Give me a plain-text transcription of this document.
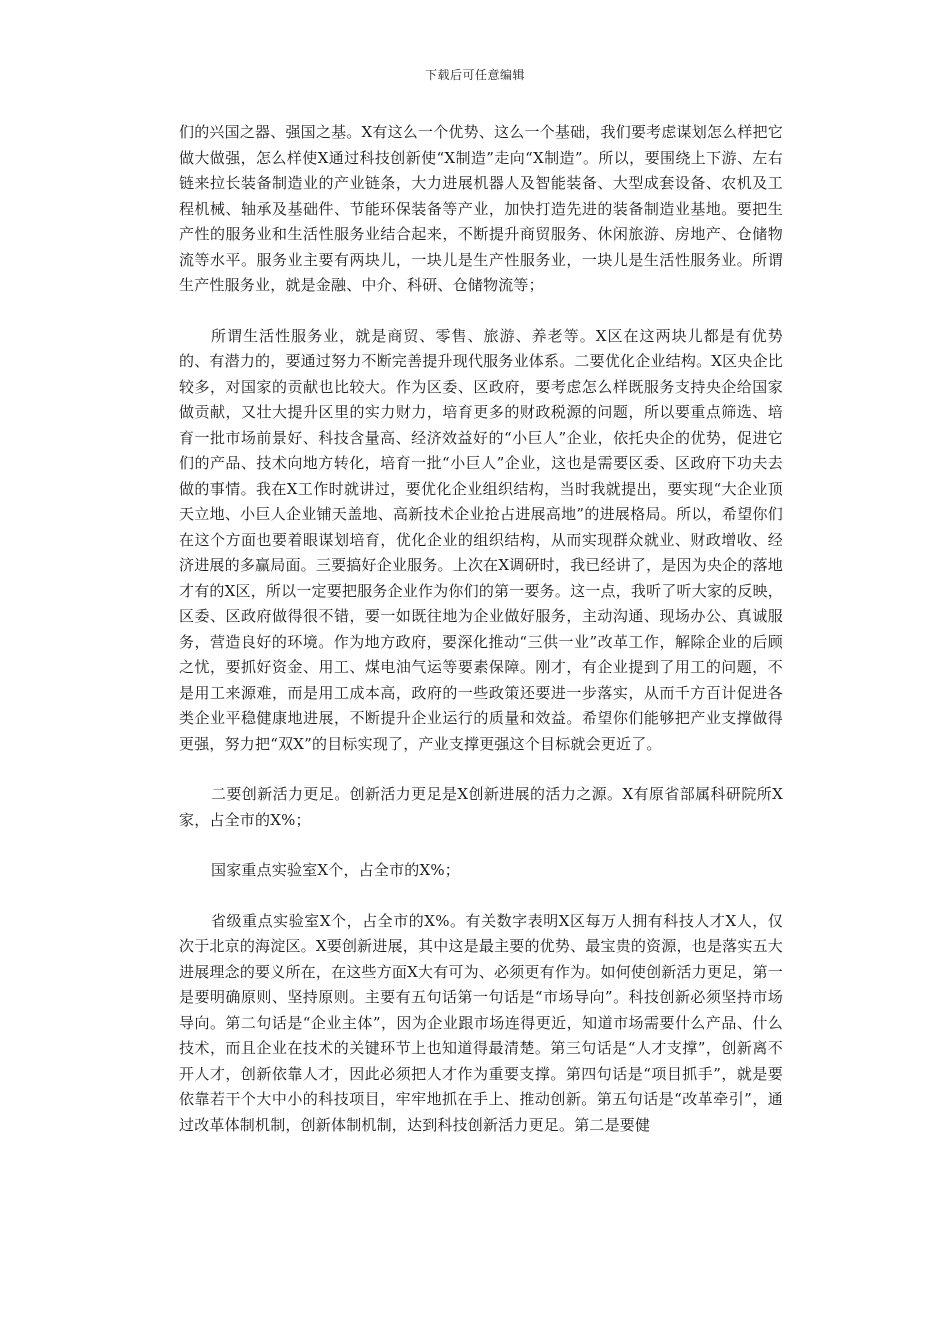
下载后可任意编辑

们的兴国之器、强国之基。X有这么一个优势、这么一个基础，我们要考虑谋划怎么样把它做大做强，怎么样使X通过科技创新使“X制造”走向“X制造”。所以，要围绕上下游、左右链来拉长装备制造业的产业链条，大力进展机器人及智能装备、大型成套设备、农机及工程机械、轴承及基础件、节能环保装备等产业，加快打造先进的装备制造业基地。要把生产性的服务业和生活性服务业结合起来，不断提升商贸服务、休闲旅游、房地产、仓储物流等水平。服务业主要有两块儿，一块儿是生产性服务业，一块儿是生活性服务业。所谓生产性服务业，就是金融、中介、科研、仓储物流等；

所谓生活性服务业，就是商贸、零售、旅游、养老等。X区在这两块儿都是有优势的、有潜力的，要通过努力不断完善提升现代服务业体系。二要优化企业结构。X区央企比较多，对国家的贡献也比较大。作为区委、区政府，要考虑怎么样既服务支持央企给国家做贡献，又壮大提升区里的实力财力，培育更多的财政税源的问题，所以要重点筛选、培育一批市场前景好、科技含量高、经济效益好的“小巨人”企业，依托央企的优势，促进它们的产品、技术向地方转化，培育一批“小巨人”企业，这也是需要区委、区政府下功夫去做的事情。我在X工作时就讲过，要优化企业组织结构，当时我就提出，要实现“大企业顶天立地、小巨人企业铺天盖地、高新技术企业抢占进展高地”的进展格局。所以，希望你们在这个方面也要着眼谋划培育，优化企业的组织结构，从而实现群众就业、财政增收、经济进展的多赢局面。三要搞好企业服务。上次在X调研时，我已经讲了，是因为央企的落地才有的X区，所以一定要把服务企业作为你们的第一要务。这一点，我听了听大家的反映，区委、区政府做得很不错，要一如既往地为企业做好服务，主动沟通、现场办公、真诚服务，营造良好的环境。作为地方政府，要深化推动“三供一业”改革工作，解除企业的后顾之忧，要抓好资金、用工、煤电油气运等要素保障。刚才，有企业提到了用工的问题，不是用工来源难，而是用工成本高，政府的一些政策还要进一步落实，从而千方百计促进各类企业平稳健康地进展，不断提升企业运行的质量和效益。希望你们能够把产业支撑做得更强，努力把“双X”的目标实现了，产业支撑更强这个目标就会更近了。

二要创新活力更足。创新活力更足是X创新进展的活力之源。X有原省部属科研院所X家，占全市的X%；

国家重点实验室X个，占全市的X%；

省级重点实验室X个，占全市的X%。有关数字表明X区每万人拥有科技人才X人，仅次于北京的海淀区。X要创新进展，其中这是最主要的优势、最宝贵的资源，也是落实五大进展理念的要义所在，在这些方面X大有可为、必须更有作为。如何使创新活力更足，第一是要明确原则、坚持原则。主要有五句话第一句话是“市场导向”。科技创新必须坚持市场导向。第二句话是“企业主体”，因为企业跟市场连得更近，知道市场需要什么产品、什么技术，而且企业在技术的关键环节上也知道得最清楚。第三句话是“人才支撑”，创新离不开人才，创新依靠人才，因此必须把人才作为重要支撑。第四句话是“项目抓手”，就是要依靠若干个大中小的科技项目，牢牢地抓在手上、推动创新。第五句话是“改革牵引”，通过改革体制机制，创新体制机制，达到科技创新活力更足。第二是要健
